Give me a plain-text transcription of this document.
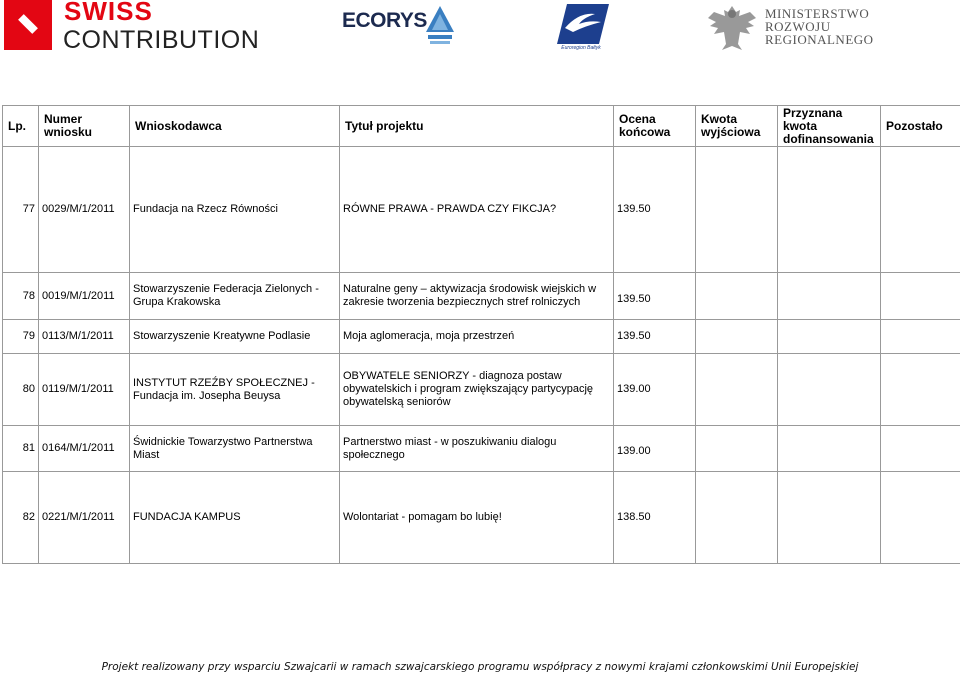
SWISS
CONTRIBUTION
ECORYS
Euroregion Bałtyk
MINISTERSTWO
ROZWOJU
REGIONALNEGO
Lp.	Numer wniosku	Wnioskodawca	Tytuł projektu	Ocena końcowa	Kwota wyjściowa	Przyznana kwota dofinansowania	Pozostało
77	0029/M/1/2011	Fundacja na Rzecz Równości	RÓWNE PRAWA - PRAWDA CZY FIKCJA?	139.50			
78	0019/M/1/2011	Stowarzyszenie Federacja Zielonych - Grupa Krakowska	Naturalne geny – aktywizacja środowisk wiejskich w zakresie tworzenia bezpiecznych stref rolniczych	139.50			
79	0113/M/1/2011	Stowarzyszenie Kreatywne Podlasie	Moja aglomeracja, moja przestrzeń	139.50			
80	0119/M/1/2011	INSTYTUT RZEŹBY SPOŁECZNEJ - Fundacja im. Josepha Beuysa	OBYWATELE SENIORZY - diagnoza postaw obywatelskich i program zwiększający partycypację obywatelską seniorów	139.00			
81	0164/M/1/2011	Świdnickie Towarzystwo Partnerstwa Miast	Partnerstwo miast - w poszukiwaniu dialogu społecznego	139.00			
82	0221/M/1/2011	FUNDACJA KAMPUS	Wolontariat - pomagam bo lubię!	138.50			
Projekt realizowany przy wsparciu Szwajcarii w ramach szwajcarskiego programu współpracy z nowymi krajami członkowskimi Unii Europejskiej
